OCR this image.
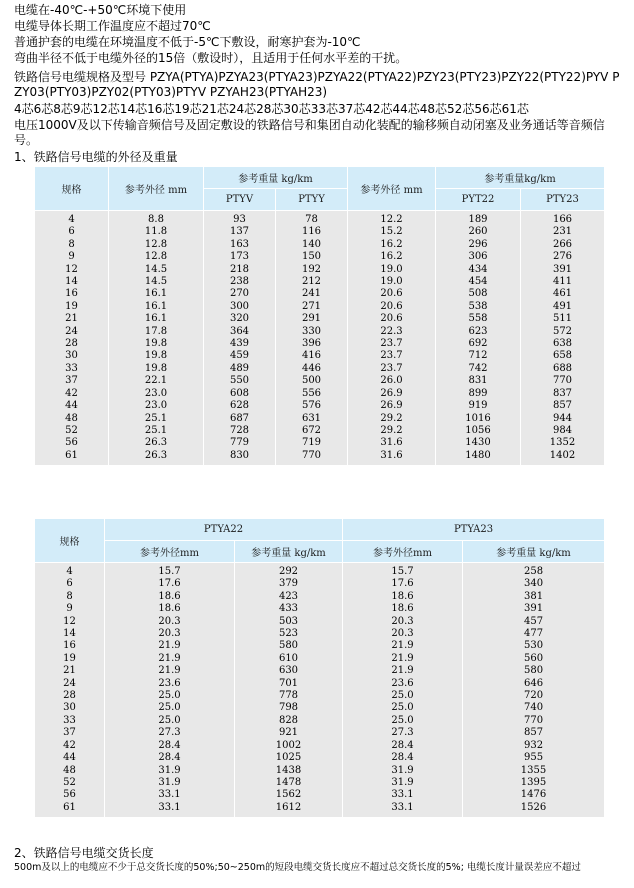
电缆在-40℃-+50℃环境下使用
电缆导体长期工作温度应不超过70℃
普通护套的电缆在环境温度不低于-5℃下敷设，耐寒护套为-10℃
弯曲半径不低于电缆外径的15倍（敷设时），且适用于任何水平差的干扰。
铁路信号电缆规格及型号 PZYA(PTYA)PZYA23(PTYA23)PZYA22(PTYA22)PZY23(PTY23)PZY22(PTY22)PYV PZY03(PTY03)PZY02(PTY03)PTYV PZYAH23(PTYAH23)
4芯6芯8芯9芯12芯14芯16芯19芯21芯24芯28芯30芯33芯37芯42芯44芯48芯52芯56芯61芯
电压1000V及以下传输音频信号及固定敷设的铁路信号和集团自动化装配的输移频自动闭塞及业务通话等音频信号。
1、铁路信号电缆的外径及重量
规格	参考外径 mm	参考重量 kg/km		参考外径 mm	参考重量kg/km	
		PTYV	PTYY		PYT22	PTY23
4	8.8	93	78	12.2	189	166
6	11.8	137	116	15.2	260	231
8	12.8	163	140	16.2	296	266
9	12.8	173	150	16.2	306	276
12	14.5	218	192	19.0	434	391
14	14.5	238	212	19.0	454	411
16	16.1	270	241	20.6	508	461
19	16.1	300	271	20.6	538	491
21	16.1	320	291	20.6	558	511
24	17.8	364	330	22.3	623	572
28	19.8	439	396	23.7	692	638
30	19.8	459	416	23.7	712	658
33	19.8	489	446	23.7	742	688
37	22.1	550	500	26.0	831	770
42	23.0	608	556	26.9	899	837
44	23.0	628	576	26.9	919	857
48	25.1	687	631	29.2	1016	944
52	25.1	728	672	29.2	1056	984
56	26.3	779	719	31.6	1430	1352
61	26.3	830	770	31.6	1480	1402
规格	PTYA22		PTYA23	
	参考外径mm	参考重量 kg/km	参考外径mm	参考重量 kg/km
4	15.7	292	15.7	258
6	17.6	379	17.6	340
8	18.6	423	18.6	381
9	18.6	433	18.6	391
12	20.3	503	20.3	457
14	20.3	523	20.3	477
16	21.9	580	21.9	530
19	21.9	610	21.9	560
21	21.9	630	21.9	580
24	23.6	701	23.6	646
28	25.0	778	25.0	720
30	25.0	798	25.0	740
33	25.0	828	25.0	770
37	27.3	921	27.3	857
42	28.4	1002	28.4	932
44	28.4	1025	28.4	955
48	31.9	1438	31.9	1355
52	31.9	1478	31.9	1395
56	33.1	1562	33.1	1476
61	33.1	1612	33.1	1526
2、铁路信号电缆交货长度
500m及以上的电缆应不少于总交货长度的50%;50~250m的短段电缆交货长度应不超过总交货长度的5%; 电缆长度计量误差应不超过
